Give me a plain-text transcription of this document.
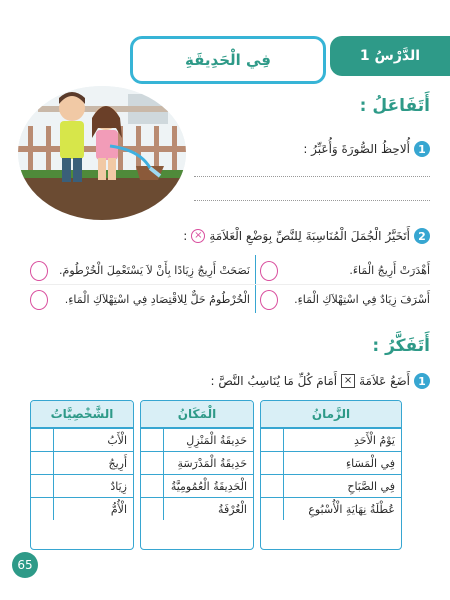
الدَّرْسُ 1
فِي الْحَدِيقَةِ
أَتَفَاعَلُ :
1
أُلاحِظُ الصُّورَةَ وَأُعَبِّرُ :
2
أَتَخَيَّرُ الْجُمَلَ الْمُنَاسِبَةَ لِلنَّصِّ بِوَضْعِ الْعَلاَمَةِ
×
:
أَهْدَرَتْ أَرِيجُ الْمَاءَ.
نَصَحَتْ أَرِيجُ زِيَادًا بِأَنْ لاَ يَسْتَعْمِلَ الْخُرْطُومَ.
أَسْرَفَ زِيَادٌ فِي اسْتِهْلاَكِ الْمَاءِ.
الْخُرْطُومُ حَلٌّ لِلاقْتِصَادِ فِي اسْتِهْلاَكِ الْمَاءِ.
أَتَفَكَّرُ :
1
أَضَعُ عَلاَمَةَ
×
أَمَامَ كُلِّ مَا يُنَاسِبُ النَّصَّ :
الزَّمانُ
يَوْمُ الْأَحَدِ
فِي الْمَسَاءِ
فِي الصَّبَاحِ
عُطْلَةُ نِهَايَةِ الْأُسْبُوعِ
الْمَكَانُ
حَدِيقَةُ الْمَنْزِلِ
حَدِيقَةُ الْمَدْرَسَةِ
الْحَدِيقَةُ الْعُمُومِيَّةُ
الْغُرْفَةُ
الشَّخْصِيَّاتُ
الْأَبُ
أَرِيجُ
زِيَادٌ
الْأُمُّ
65
